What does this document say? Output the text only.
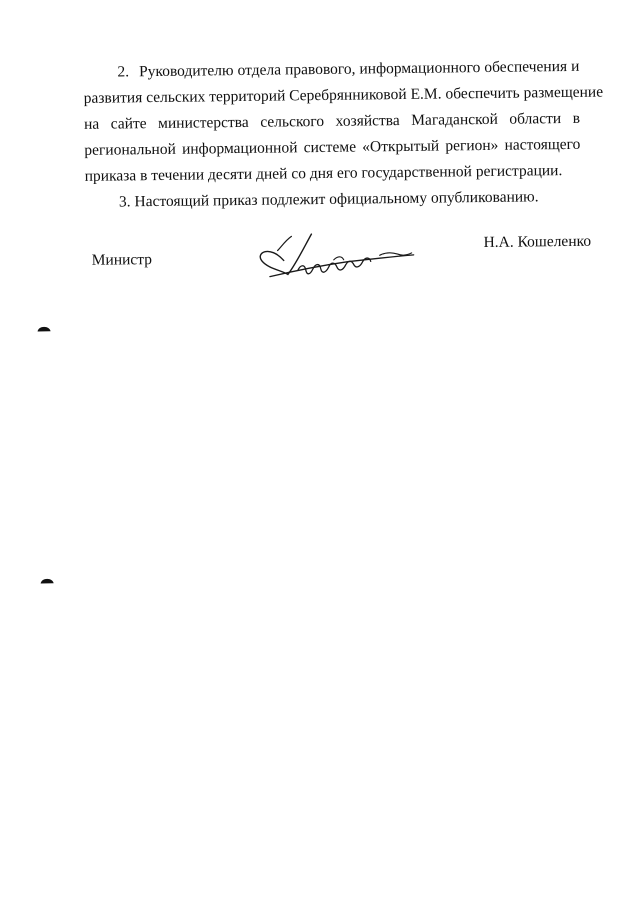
2. Руководителю отдела правового, информационного обеспечения и
развития сельских территорий Серебрянниковой Е.М. обеспечить размещение
на сайте министерства сельского хозяйства Магаданской области в
региональной информационной системе «Открытый регион» настоящего
приказа в течении десяти дней со дня его государственной регистрации.
3. Настоящий приказ подлежит официальному опубликованию.
Министр
Н.А. Кошеленко
